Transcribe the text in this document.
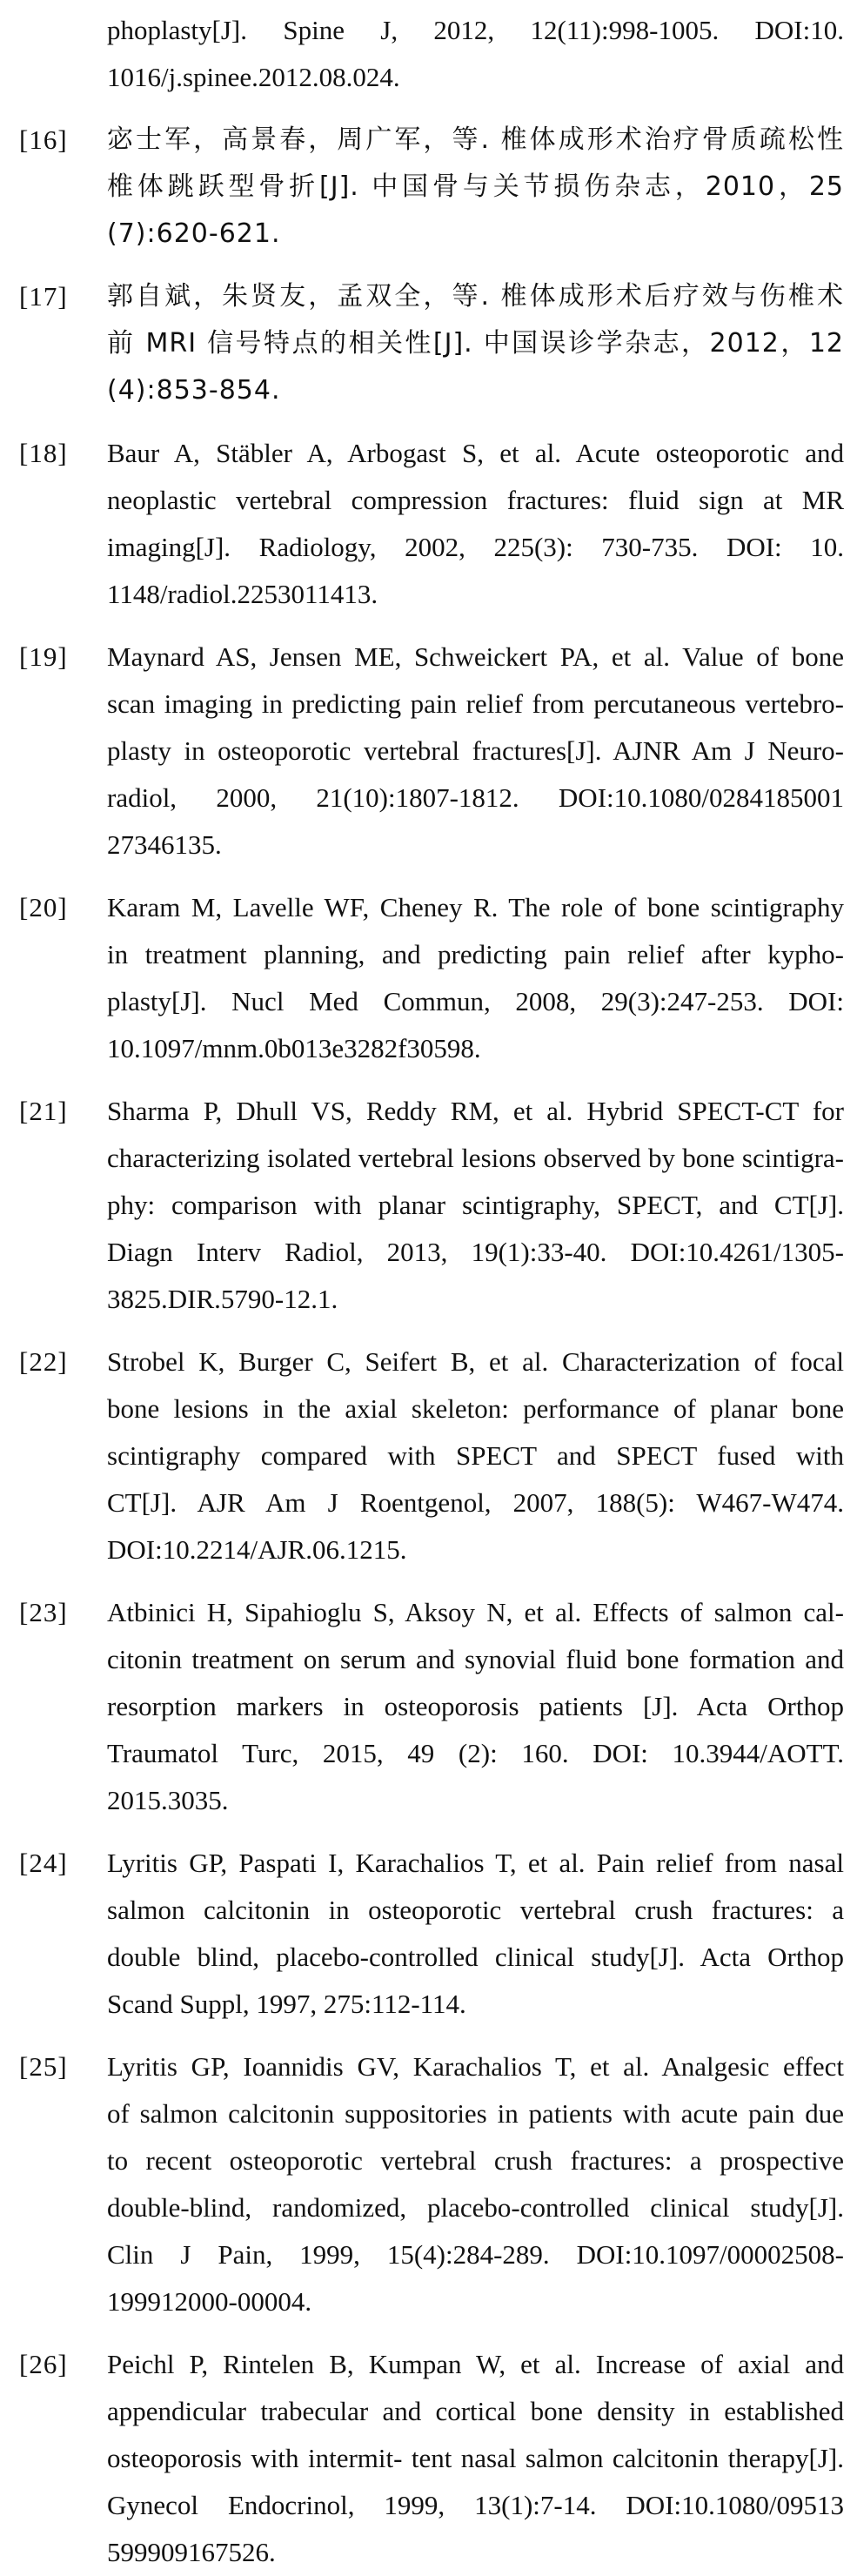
phoplasty[J]. Spine J, 2012, 12(11):998-1005. DOI:10.
1016/j.spinee.2012.08.024.
[16]	宓士军，高景春，周广军，等. 椎体成形术治疗骨质疏松性
椎体跳跃型骨折[J]. 中国骨与关节损伤杂志，2010，25
(7):620-621.
[17]	郭自斌，朱贤友，孟双全，等. 椎体成形术后疗效与伤椎术
前 MRI 信号特点的相关性[J]. 中国误诊学杂志，2012，12
(4):853-854.
[18]	Baur A, Stäbler A, Arbogast S, et al. Acute osteoporotic and
neoplastic vertebral compression fractures: fluid sign at MR
imaging[J]. Radiology, 2002, 225(3): 730-735. DOI: 10.
1148/radiol.2253011413.
[19]	Maynard AS, Jensen ME, Schweickert PA, et al. Value of bone
scan imaging in predicting pain relief from percutaneous vertebro-
plasty in osteoporotic vertebral fractures[J]. AJNR Am J Neuro-
radiol, 2000, 21(10):1807-1812. DOI:10.1080/0284185001
27346135.
[20]	Karam M, Lavelle WF, Cheney R. The role of bone scintigraphy
in treatment planning, and predicting pain relief after kypho-
plasty[J]. Nucl Med Commun, 2008, 29(3):247-253. DOI:
10.1097/mnm.0b013e3282f30598.
[21]	Sharma P, Dhull VS, Reddy RM, et al. Hybrid SPECT-CT for
characterizing isolated vertebral lesions observed by bone scintigra-
phy: comparison with planar scintigraphy, SPECT, and CT[J].
Diagn Interv Radiol, 2013, 19(1):33-40. DOI:10.4261/1305-
3825.DIR.5790-12.1.
[22]	Strobel K, Burger C, Seifert B, et al. Characterization of focal
bone lesions in the axial skeleton: performance of planar bone
scintigraphy compared with SPECT and SPECT fused with
CT[J]. AJR Am J Roentgenol, 2007, 188(5): W467-W474.
DOI:10.2214/AJR.06.1215.
[23]	Atbinici H, Sipahioglu S, Aksoy N, et al. Effects of salmon cal-
citonin treatment on serum and synovial fluid bone formation and
resorption markers in osteoporosis patients [J]. Acta Orthop
Traumatol Turc, 2015, 49 (2): 160. DOI: 10.3944/AOTT.
2015.3035.
[24]	Lyritis GP, Paspati I, Karachalios T, et al. Pain relief from nasal
salmon calcitonin in osteoporotic vertebral crush fractures: a
double blind, placebo-controlled clinical study[J]. Acta Orthop
Scand Suppl, 1997, 275:112-114.
[25]	Lyritis GP, Ioannidis GV, Karachalios T, et al. Analgesic effect
of salmon calcitonin suppositories in patients with acute pain due
to recent osteoporotic vertebral crush fractures: a prospective
double-blind, randomized, placebo-controlled clinical study[J].
Clin J Pain, 1999, 15(4):284-289. DOI:10.1097/00002508-
199912000-00004.
[26]	Peichl P, Rintelen B, Kumpan W, et al. Increase of axial and
appendicular trabecular and cortical bone density in established
osteoporosis with intermit- tent nasal salmon calcitonin therapy[J].
Gynecol Endocrinol, 1999, 13(1):7-14. DOI:10.1080/09513
599909167526.
